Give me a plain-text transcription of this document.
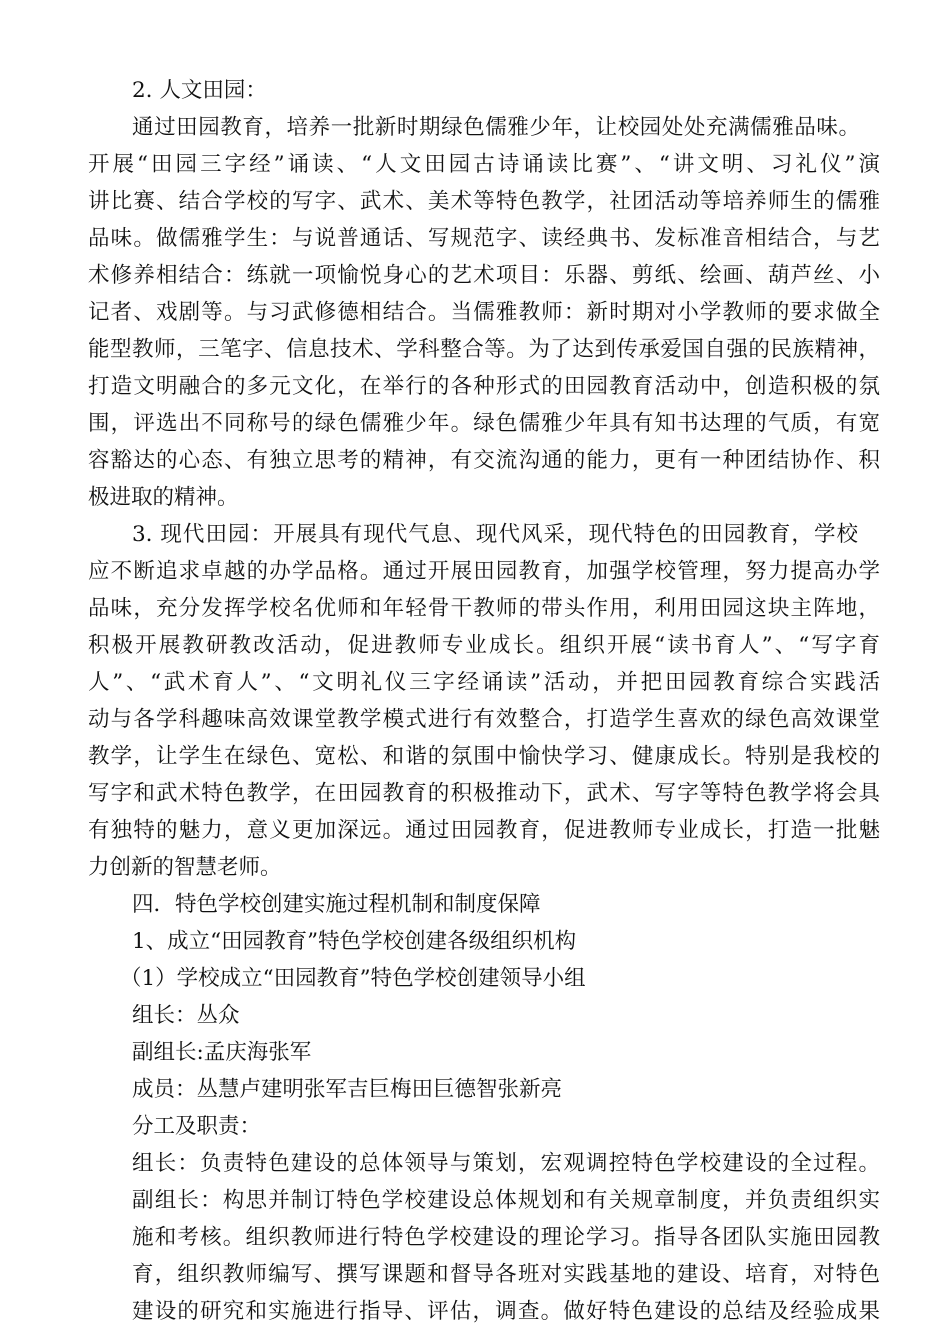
2. 人文田园：
通过田园教育，培养一批新时期绿色儒雅少年，让校园处处充满儒雅品味。
开展“田园三字经”诵读、“人文田园古诗诵读比赛”、“讲文明、习礼仪”演
讲比赛、结合学校的写字、武术、美术等特色教学，社团活动等培养师生的儒雅
品味。做儒雅学生：与说普通话、写规范字、读经典书、发标准音相结合，与艺
术修养相结合：练就一项愉悦身心的艺术项目：乐器、剪纸、绘画、葫芦丝、小
记者、戏剧等。与习武修德相结合。当儒雅教师：新时期对小学教师的要求做全
能型教师，三笔字、信息技术、学科整合等。为了达到传承爱国自强的民族精神，
打造文明融合的多元文化，在举行的各种形式的田园教育活动中，创造积极的氛
围，评选出不同称号的绿色儒雅少年。绿色儒雅少年具有知书达理的气质，有宽
容豁达的心态、有独立思考的精神，有交流沟通的能力，更有一种团结协作、积
极进取的精神。
3. 现代田园：开展具有现代气息、现代风采，现代特色的田园教育，学校
应不断追求卓越的办学品格。通过开展田园教育，加强学校管理，努力提高办学
品味，充分发挥学校名优师和年轻骨干教师的带头作用，利用田园这块主阵地，
积极开展教研教改活动，促进教师专业成长。组织开展“读书育人”、“写字育
人”、“武术育人”、“文明礼仪三字经诵读”活动，并把田园教育综合实践活
动与各学科趣味高效课堂教学模式进行有效整合，打造学生喜欢的绿色高效课堂
教学，让学生在绿色、宽松、和谐的氛围中愉快学习、健康成长。特别是我校的
写字和武术特色教学，在田园教育的积极推动下，武术、写字等特色教学将会具
有独特的魅力，意义更加深远。通过田园教育，促进教师专业成长，打造一批魅
力创新的智慧老师。
四．特色学校创建实施过程机制和制度保障
1、成立“田园教育”特色学校创建各级组织机构
（1）学校成立“田园教育”特色学校创建领导小组
组长：丛众
副组长:孟庆海张军
成员：丛慧卢建明张军吉巨梅田巨德智张新亮
分工及职责：
组长：负责特色建设的总体领导与策划，宏观调控特色学校建设的全过程。
副组长：构思并制订特色学校建设总体规划和有关规章制度，并负责组织实
施和考核。组织教师进行特色学校建设的理论学习。指导各团队实施田园教
育，组织教师编写、撰写课题和督导各班对实践基地的建设、培育，对特色
建设的研究和实施进行指导、评估，调查。做好特色建设的总结及经验成果
